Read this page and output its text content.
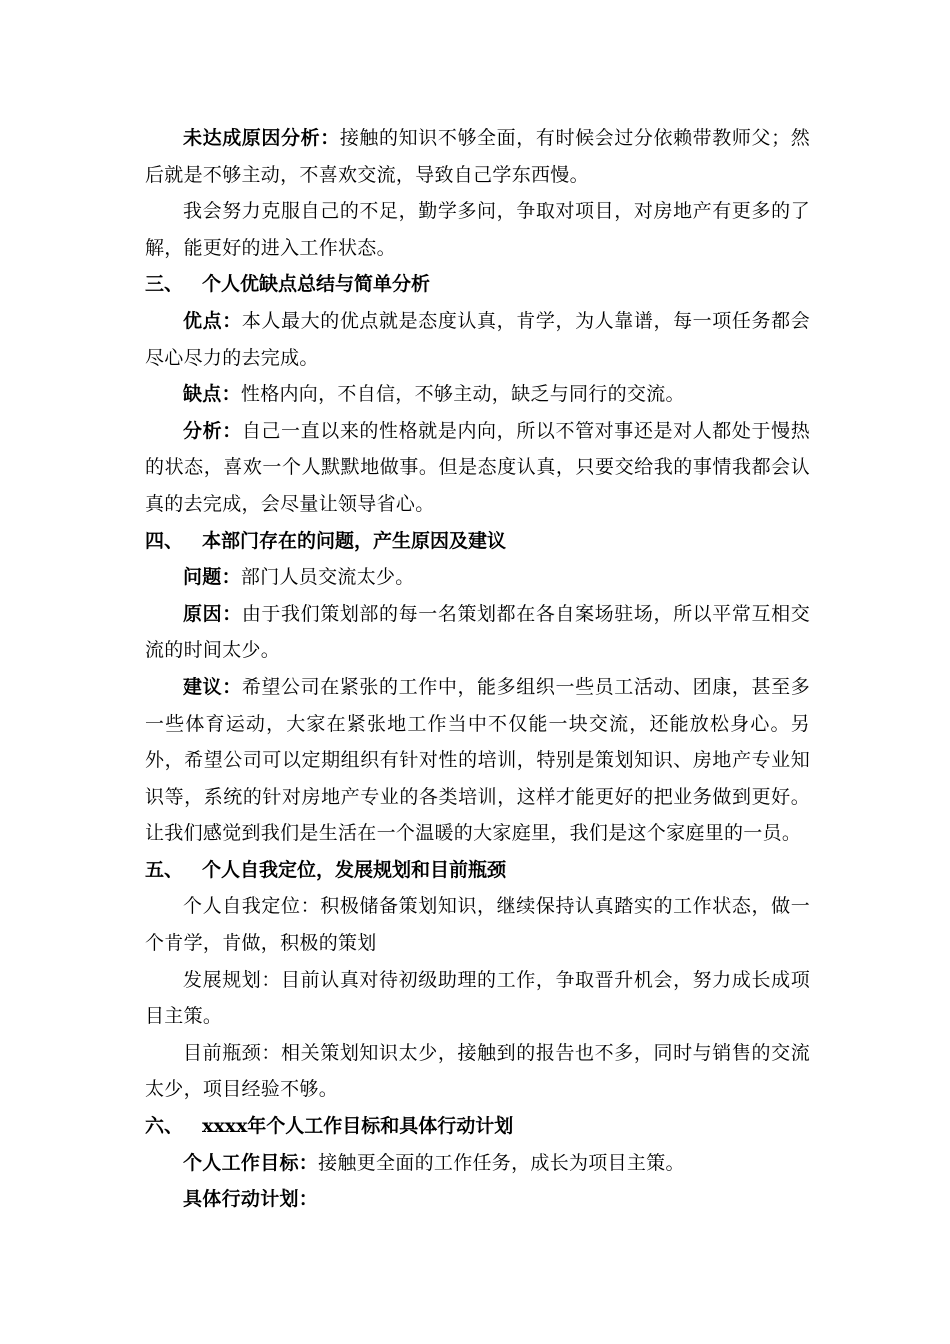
未达成原因分析：接触的知识不够全面，有时候会过分依赖带教师父；然后就是不够主动，不喜欢交流，导致自己学东西慢。

我会努力克服自己的不足，勤学多问，争取对项目，对房地产有更多的了解，能更好的进入工作状态。

三、 个人优缺点总结与简单分析

优点：本人最大的优点就是态度认真，肯学，为人靠谱，每一项任务都会尽心尽力的去完成。

缺点：性格内向，不自信，不够主动，缺乏与同行的交流。

分析：自己一直以来的性格就是内向，所以不管对事还是对人都处于慢热的状态，喜欢一个人默默地做事。但是态度认真，只要交给我的事情我都会认真的去完成，会尽量让领导省心。

四、 本部门存在的问题，产生原因及建议

问题：部门人员交流太少。

原因：由于我们策划部的每一名策划都在各自案场驻场，所以平常互相交流的时间太少。

建议：希望公司在紧张的工作中，能多组织一些员工活动、团康，甚至多一些体育运动，大家在紧张地工作当中不仅能一块交流，还能放松身心。另外，希望公司可以定期组织有针对性的培训，特别是策划知识、房地产专业知识等，系统的针对房地产专业的各类培训，这样才能更好的把业务做到更好。让我们感觉到我们是生活在一个温暖的大家庭里，我们是这个家庭里的一员。

五、 个人自我定位，发展规划和目前瓶颈

个人自我定位：积极储备策划知识，继续保持认真踏实的工作状态，做一个肯学，肯做，积极的策划

发展规划：目前认真对待初级助理的工作，争取晋升机会，努力成长成项目主策。

目前瓶颈：相关策划知识太少，接触到的报告也不多，同时与销售的交流太少，项目经验不够。

六、 xxxx年个人工作目标和具体行动计划

个人工作目标：接触更全面的工作任务，成长为项目主策。

具体行动计划：
